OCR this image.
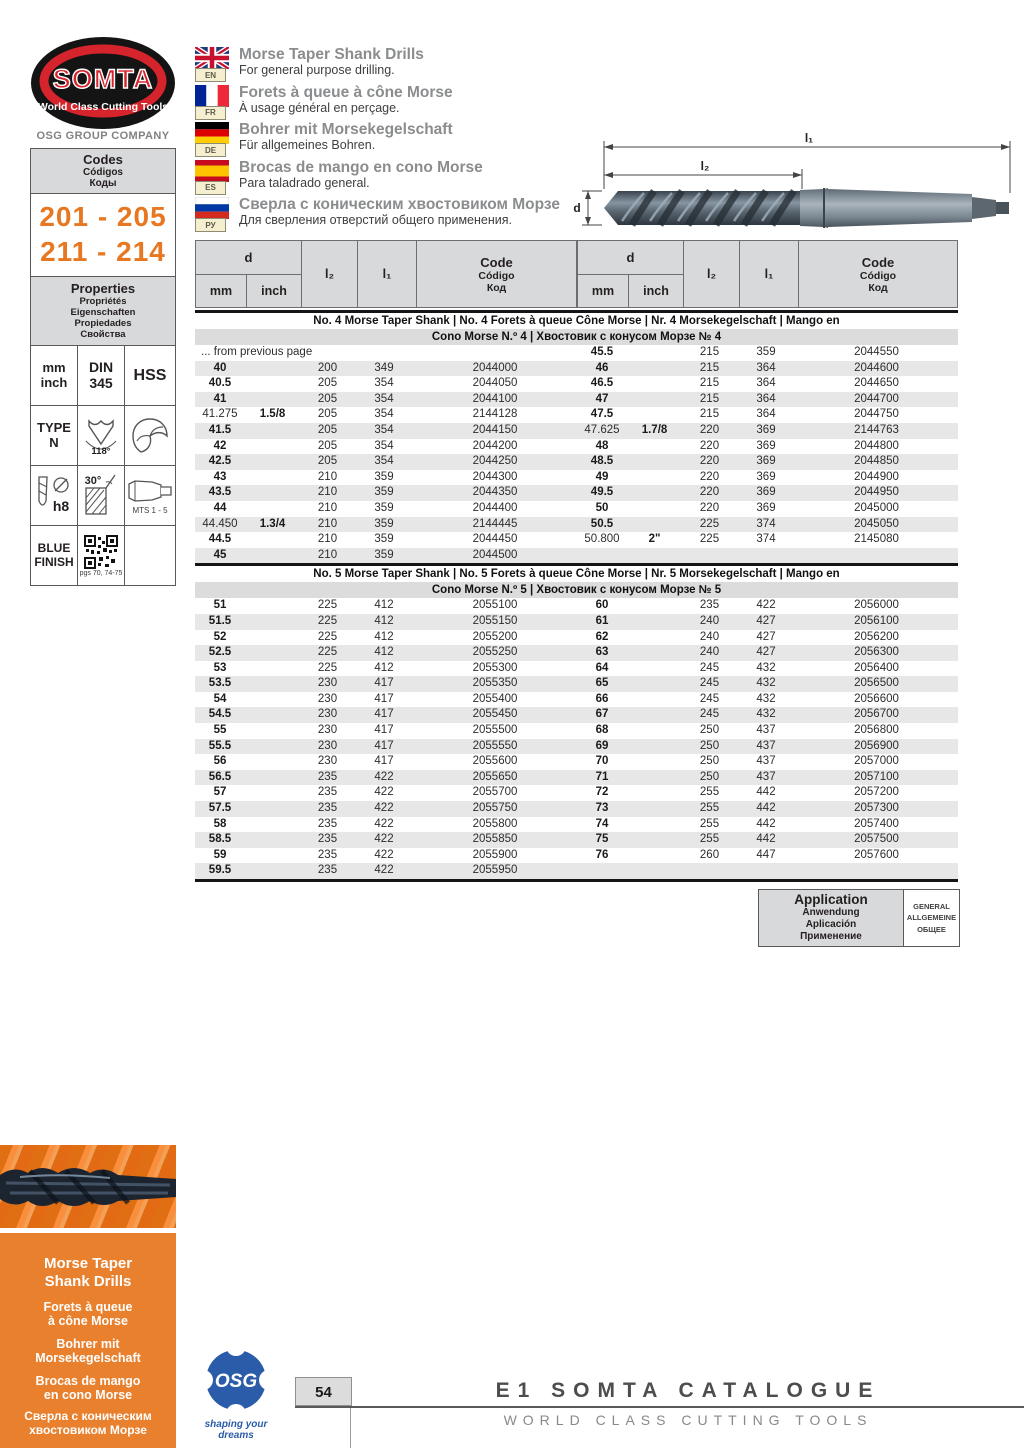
SOMTA
World Class Cutting Tools
OSG GROUP COMPANY
Codes
Códigos
Коды
201 - 205
211 - 214
Properties
Propriétés
Eigenschaften
Propiedades
Свойства
mm
inch
DIN
345 HSS
TYPE
N
118°
h8
30°
MTS 1 - 5
BLUE
FINISH
pgs 70, 74-75
EN
Morse Taper Shank Drills
For general purpose drilling.
FR
Forets à queue à cône Morse
À usage général en perçage.
DE
Bohrer mit Morsekegelschaft
Für allgemeines Bohren.
ES
Brocas de mango en cono Morse
Para taladrado general.
РУ
Сверла с коническим хвостовиком Морзе
Для сверления отверстий общего применения.
l₁
l₂
d
d
mm	inch
l₂	l₁
Code
Código
Код
d
mm	inch
l₂	l₁
Code
Código
Код
No. 4 Morse Taper Shank | No. 4 Forets à queue Cône Morse | Nr. 4 Morsekegelschaft | Mango en
Cono Morse N.º 4 | Хвостовик с конусом Морзе № 4
... from previous page
40	200	349	2044000
40.5	205	354	2044050
41	205	354	2044100
41.275	1.5/8	205	354	2144128
41.5	205	354	2044150
42	205	354	2044200
42.5	205	354	2044250
43	210	359	2044300
43.5	210	359	2044350
44	210	359	2044400
44.450	1.3/4	210	359	2144445
44.5	210	359	2044450
45	210	359	2044500
45.5	215	359	2044550
46	215	364	2044600
46.5	215	364	2044650
47	215	364	2044700
47.5	215	364	2044750
47.625	1.7/8	220	369	2144763
48	220	369	2044800
48.5	220	369	2044850
49	220	369	2044900
49.5	220	369	2044950
50	220	369	2045000
50.5	225	374	2045050
50.800	2"	225	374	2145080
No. 5 Morse Taper Shank | No. 5 Forets à queue Cône Morse | Nr. 5 Morsekegelschaft | Mango en
Cono Morse N.º 5 | Хвостовик с конусом Морзе № 5
51	225	412	2055100
51.5	225	412	2055150
52	225	412	2055200
52.5	225	412	2055250
53	225	412	2055300
53.5	230	417	2055350
54	230	417	2055400
54.5	230	417	2055450
55	230	417	2055500
55.5	230	417	2055550
56	230	417	2055600
56.5	235	422	2055650
57	235	422	2055700
57.5	235	422	2055750
58	235	422	2055800
58.5	235	422	2055850
59	235	422	2055900
59.5	235	422	2055950
60	235	422	2056000
61	240	427	2056100
62	240	427	2056200
63	240	427	2056300
64	245	432	2056400
65	245	432	2056500
66	245	432	2056600
67	245	432	2056700
68	250	437	2056800
69	250	437	2056900
70	250	437	2057000
71	250	437	2057100
72	255	442	2057200
73	255	442	2057300
74	255	442	2057400
75	255	442	2057500
76	260	447	2057600
Application
Anwendung
Aplicación
Применение
GENERAL
ALLGEMEINE
ОБЩЕЕ
Morse Taper
Shank Drills
Forets à queue
à cône Morse
Bohrer mit
Morsekegelschaft
Brocas de mango
en cono Morse
Сверла с коническим
хвостовиком Морзе
OSG
shaping your dreams
54	E1 SOMTA CATALOGUE
WORLD CLASS CUTTING TOOLS
